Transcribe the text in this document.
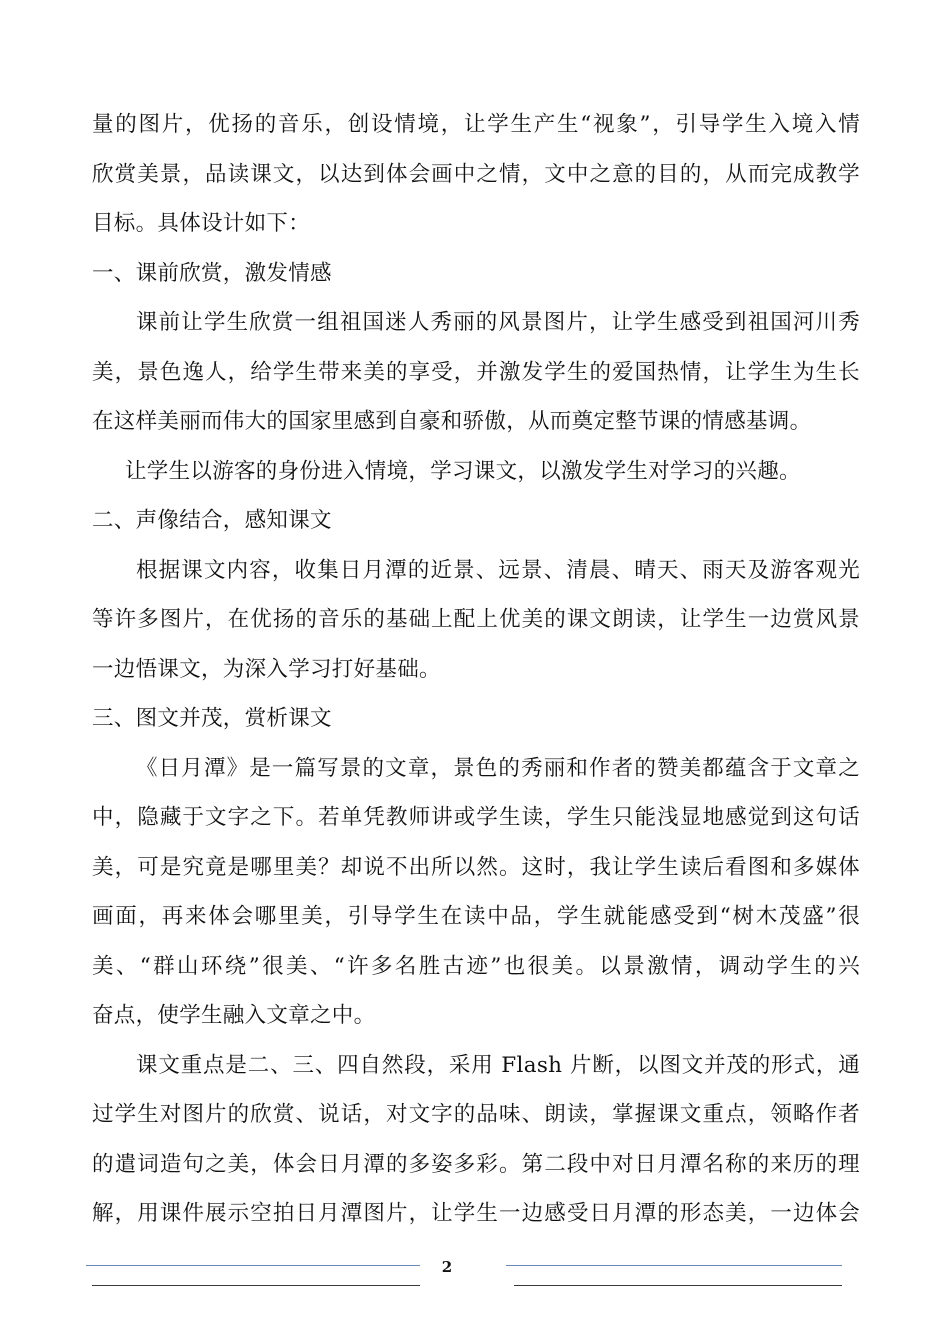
量的图片，优扬的音乐，创设情境，让学生产生“视象”，引导学生入境入情
欣赏美景，品读课文，以达到体会画中之情，文中之意的目的，从而完成教学
目标。具体设计如下：
一、课前欣赏，激发情感
课前让学生欣赏一组祖国迷人秀丽的风景图片，让学生感受到祖国河川秀
美，景色逸人，给学生带来美的享受，并激发学生的爱国热情，让学生为生长
在这样美丽而伟大的国家里感到自豪和骄傲，从而奠定整节课的情感基调。
让学生以游客的身份进入情境，学习课文，以激发学生对学习的兴趣。
二、声像结合，感知课文
根据课文内容，收集日月潭的近景、远景、清晨、晴天、雨天及游客观光
等许多图片，在优扬的音乐的基础上配上优美的课文朗读，让学生一边赏风景
一边悟课文，为深入学习打好基础。
三、图文并茂，赏析课文
《日月潭》是一篇写景的文章，景色的秀丽和作者的赞美都蕴含于文章之
中，隐藏于文字之下。若单凭教师讲或学生读，学生只能浅显地感觉到这句话
美，可是究竟是哪里美？却说不出所以然。这时，我让学生读后看图和多媒体
画面，再来体会哪里美，引导学生在读中品，学生就能感受到“树木茂盛”很
美、“群山环绕”很美、“许多名胜古迹”也很美。以景激情，调动学生的兴
奋点，使学生融入文章之中。
课文重点是二、三、四自然段，采用 Flash 片断，以图文并茂的形式，通
过学生对图片的欣赏、说话，对文字的品味、朗读，掌握课文重点，领略作者
的遣词造句之美，体会日月潭的多姿多彩。第二段中对日月潭名称的来历的理
解，用课件展示空拍日月潭图片，让学生一边感受日月潭的形态美，一边体会
2
